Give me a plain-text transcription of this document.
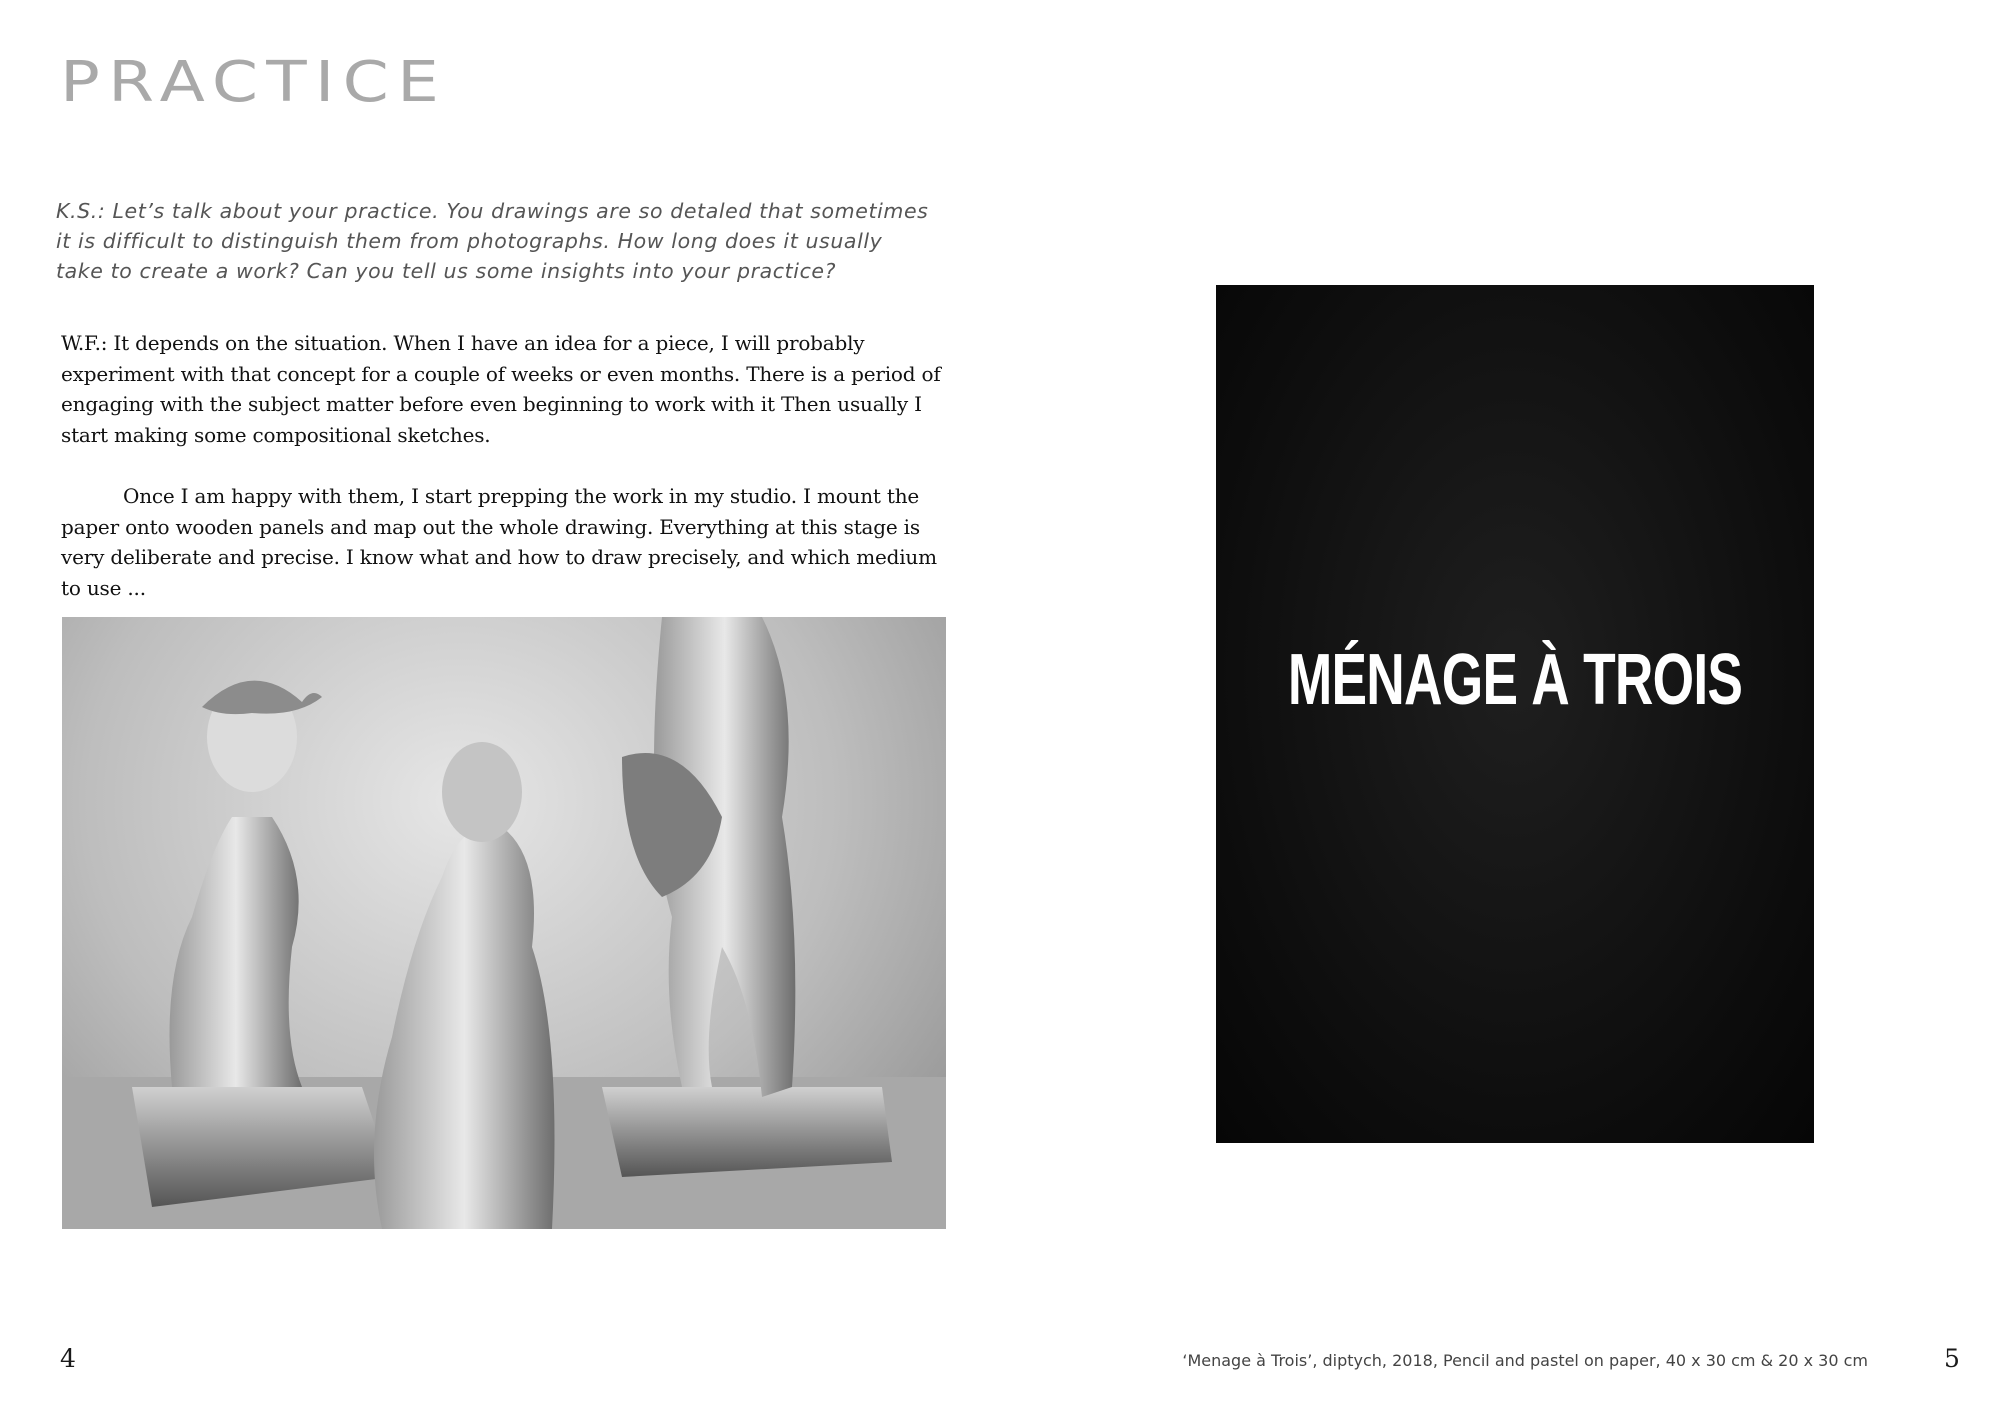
PRACTICE

K.S.: Let’s talk about your practice. You drawings are so detaled that sometimes it is difficult to distinguish them from photographs. How long does it usually take to create a work? Can you tell us some insights into your practice?

W.F.: It depends on the situation. When I have an idea for a piece, I will probably experiment with that concept for a couple of weeks or even months. There is a period of engaging with the subject matter before even beginning to work with it Then usually I start making some compositional sketches.

Once I am happy with them, I start prepping the work in my studio. I mount the paper onto wooden panels and map out the whole drawing. Everything at this stage is very deliberate and precise. I know what and how to draw precisely, and which medium to use ...

MÉNAGE À TROIS
4	‘Menage à Trois’, diptych, 2018, Pencil and pastel on paper, 40 x 30 cm & 20 x 30 cm	5
